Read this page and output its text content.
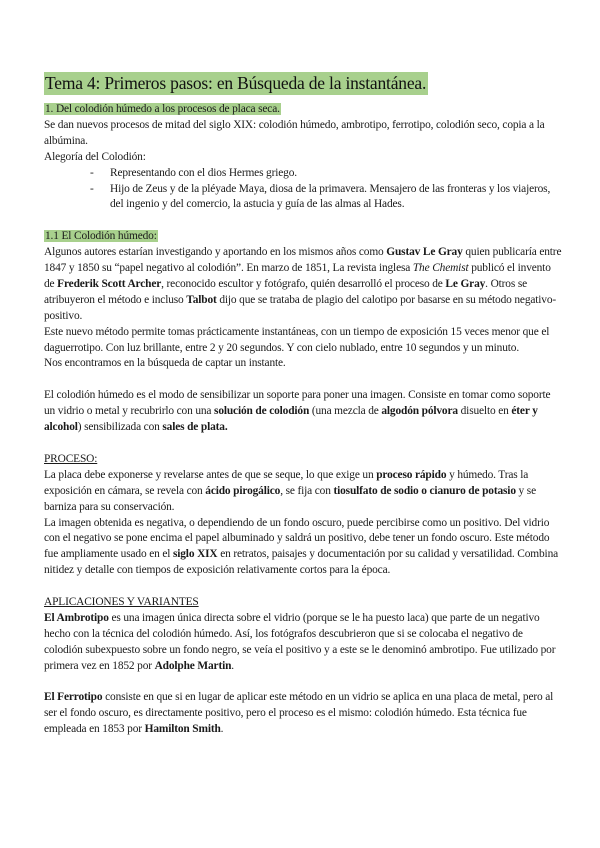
Tema 4: Primeros pasos: en Búsqueda de la instantánea.

1. Del colodión húmedo a los procesos de placa seca.

Se dan nuevos procesos de mitad del siglo XIX: colodión húmedo, ambrotipo, ferrotipo, colodión seco, copia a la albúmina.

Alegoría del Colodión:

- Representando con el dios Hermes griego.
- Hijo de Zeus y de la pléyade Maya, diosa de la primavera. Mensajero de las fronteras y los viajeros, del ingenio y del comercio, la astucia y guía de las almas al Hades.

1.1 El Colodión húmedo:

Algunos autores estarían investigando y aportando en los mismos años como Gustav Le Gray quien publicaría entre 1847 y 1850 su “papel negativo al colodión”. En marzo de 1851, La revista inglesa The Chemist publicó el invento de Frederik Scott Archer, reconocido escultor y fotógrafo, quién desarrolló el proceso de Le Gray. Otros se atribuyeron el método e incluso Talbot dijo que se trataba de plagio del calotipo por basarse en su método negativo-positivo.

Este nuevo método permite tomas prácticamente instantáneas, con un tiempo de exposición 15 veces menor que el daguerrotipo. Con luz brillante, entre 2 y 20 segundos. Y con cielo nublado, entre 10 segundos y un minuto.

Nos encontramos en la búsqueda de captar un instante.

El colodión húmedo es el modo de sensibilizar un soporte para poner una imagen. Consiste en tomar como soporte un vidrio o metal y recubrirlo con una solución de colodión (una mezcla de algodón pólvora disuelto en éter y alcohol) sensibilizada con sales de plata.

PROCESO:

La placa debe exponerse y revelarse antes de que se seque, lo que exige un proceso rápido y húmedo. Tras la exposición en cámara, se revela con ácido pirogálico, se fija con tiosulfato de sodio o cianuro de potasio y se barniza para su conservación.

La imagen obtenida es negativa, o dependiendo de un fondo oscuro, puede percibirse como un positivo. Del vidrio con el negativo se pone encima el papel albuminado y saldrá un positivo, debe tener un fondo oscuro. Este método fue ampliamente usado en el siglo XIX en retratos, paisajes y documentación por su calidad y versatilidad. Combina nitidez y detalle con tiempos de exposición relativamente cortos para la época.

APLICACIONES Y VARIANTES

El Ambrotipo es una imagen única directa sobre el vidrio (porque se le ha puesto laca) que parte de un negativo hecho con la técnica del colodión húmedo. Así, los fotógrafos descubrieron que si se colocaba el negativo de colodión subexpuesto sobre un fondo negro, se veía el positivo y a este se le denominó ambrotipo. Fue utilizado por primera vez en 1852 por Adolphe Martin.

El Ferrotipo consiste en que si en lugar de aplicar este método en un vidrio se aplica en una placa de metal, pero al ser el fondo oscuro, es directamente positivo, pero el proceso es el mismo: colodión húmedo. Esta técnica fue empleada en 1853 por Hamilton Smith.
